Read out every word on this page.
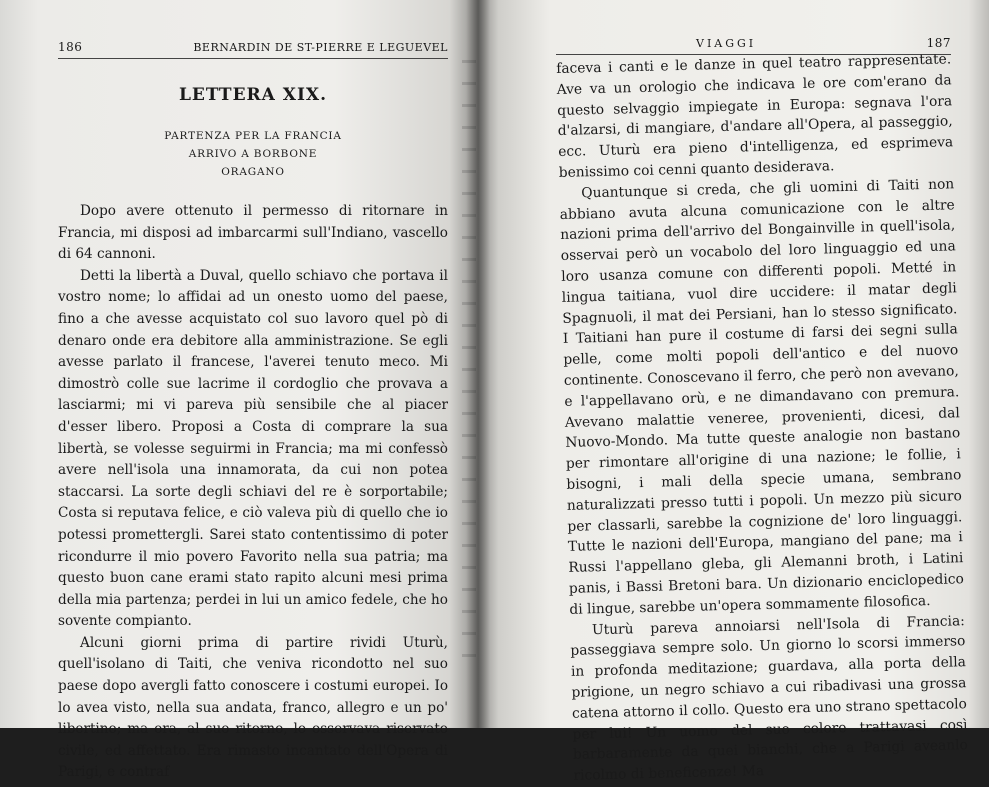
186	BERNARDIN DE ST-PIERRE E LEGUEVEL
LETTERA XIX.
PARTENZA PER LA FRANCIA
ARRIVO A BORBONE
ORAGANO

Dopo avere ottenuto il permesso di ritornare in Francia, mi disposi ad imbarcarmi sull'Indiano, vascello di 64 cannoni.

Detti la libertà a Duval, quello schiavo che portava il vostro nome; lo affidai ad un onesto uomo del paese, fino a che avesse acquistato col suo lavoro quel pò di denaro onde era debitore alla amministrazione. Se egli avesse parlato il francese, l'averei tenuto meco. Mi dimostrò colle sue lacrime il cordoglio che provava a lasciarmi; mi vi pareva più sensibile che al piacer d'esser libero. Proposi a Costa di comprare la sua libertà, se volesse seguirmi in Francia; ma mi confessò avere nell'isola una innamorata, da cui non potea staccarsi. La sorte degli schiavi del re è sorportabile; Costa si reputava felice, e ciò valeva più di quello che io potessi promettergli. Sarei stato contentissimo di poter ricondurre il mio povero Favorito nella sua patria; ma questo buon cane erami stato rapito alcuni mesi prima della mia partenza; perdei in lui un amico fedele, che ho sovente compianto.

Alcuni giorni prima di partire rividi Uturù, quell'isolano di Taiti, che veniva ricondotto nel suo paese dopo avergli fatto conoscere i costumi europei. Io lo avea visto, nella sua andata, franco, allegro e un po' libertino; ma ora, al suo ritorno, lo osservava riservato civile, ed affettato. Era rimasto incantato dell'Opera di Parigi, e contraf

VIAGGI	187

faceva i canti e le danze in quel teatro rappresentate. Ave va un orologio che indicava le ore com'erano da questo selvaggio impiegate in Europa: segnava l'ora d'alzarsi, di mangiare, d'andare all'Opera, al passeggio, ecc. Uturù era pieno d'intelligenza, ed esprimeva benissimo coi cenni quanto desiderava.

Quantunque si creda, che gli uomini di Taiti non abbiano avuta alcuna comunicazione con le altre nazioni prima dell'arrivo del Bongainville in quell'isola, osservai però un vocabolo del loro linguaggio ed una loro usanza comune con differenti popoli. Metté in lingua taitiana, vuol dire uccidere: il matar degli Spagnuoli, il mat dei Persiani, han lo stesso significato. I Taitiani han pure il costume di farsi dei segni sulla pelle, come molti popoli dell'antico e del nuovo continente. Conoscevano il ferro, che però non avevano, e l'appellavano orù, e ne dimandavano con premura. Avevano malattie veneree, provenienti, dicesi, dal Nuovo-Mondo. Ma tutte queste analogie non bastano per rimontare all'origine di una nazione; le follie, i bisogni, i mali della specie umana, sembrano naturalizzati presso tutti i popoli. Un mezzo più sicuro per classarli, sarebbe la cognizione de' loro linguaggi. Tutte le nazioni dell'Europa, mangiano del pane; ma i Russi l'appellano gleba, gli Alemanni broth, i Latini panis, i Bassi Bretoni bara. Un dizionario enciclopedico di lingue, sarebbe un'opera sommamente filosofica.

Uturù pareva annoiarsi nell'Isola di Francia: passeggiava sempre solo. Un giorno lo scorsi immerso in profonda meditazione; guardava, alla porta della prigione, un negro schiavo a cui ribadivasi una grossa catena attorno il collo. Questo era uno strano spettacolo per lui! Un uomo del suo colore trattavasi così barbaramente da quei bianchi, che a Parigi aveanlo ricolmo di beneficenze! Ma
